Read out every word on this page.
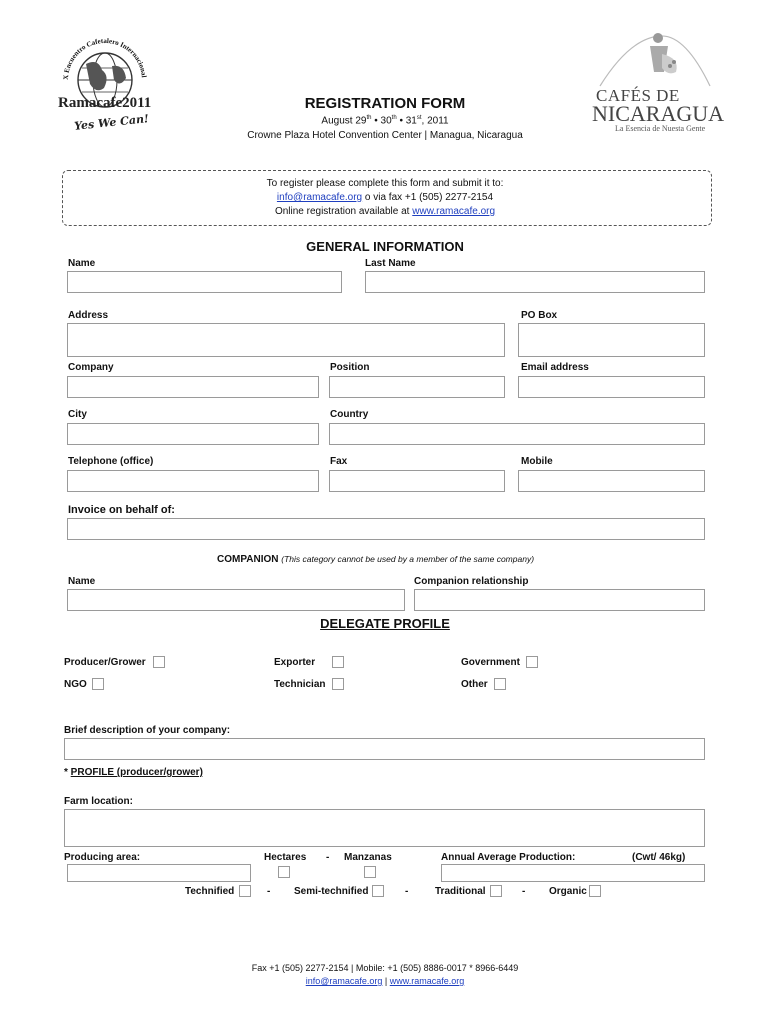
X Encuentro Cafetalero Internacional
Ramacafe2011
Yes We Can!
CAFÉS DE
NICARAGUA
La Esencia de Nuesta Gente
REGISTRATION FORM
August 29th • 30th • 31st, 2011
Crowne Plaza Hotel Convention Center | Managua, Nicaragua
To register please complete this form and submit it to:
info@ramacafe.org o via fax +1 (505) 2277-2154
Online registration available at www.ramacafe.org
GENERAL INFORMATION
Name	Last Name
Address	PO Box
Company	Position	Email address
City	Country
Telephone (office)	Fax	Mobile
Invoice on behalf of:
COMPANION (This category cannot be used by a member of the same company)
Name	Companion relationship
DELEGATE PROFILE
Producer/Grower	Exporter	Government
NGO	Technician	Other
Brief description of your company:
* PROFILE (producer/grower)
Farm location:
Producing area:	Hectares - Manzanas	Annual Average Production:	(Cwt/ 46kg)
Technified	- Semi-technified	-	Traditional	- Organic
Fax +1 (505) 2277-2154 | Mobile: +1 (505) 8886-0017 * 8966-6449
info@ramacafe.org | www.ramacafe.org
